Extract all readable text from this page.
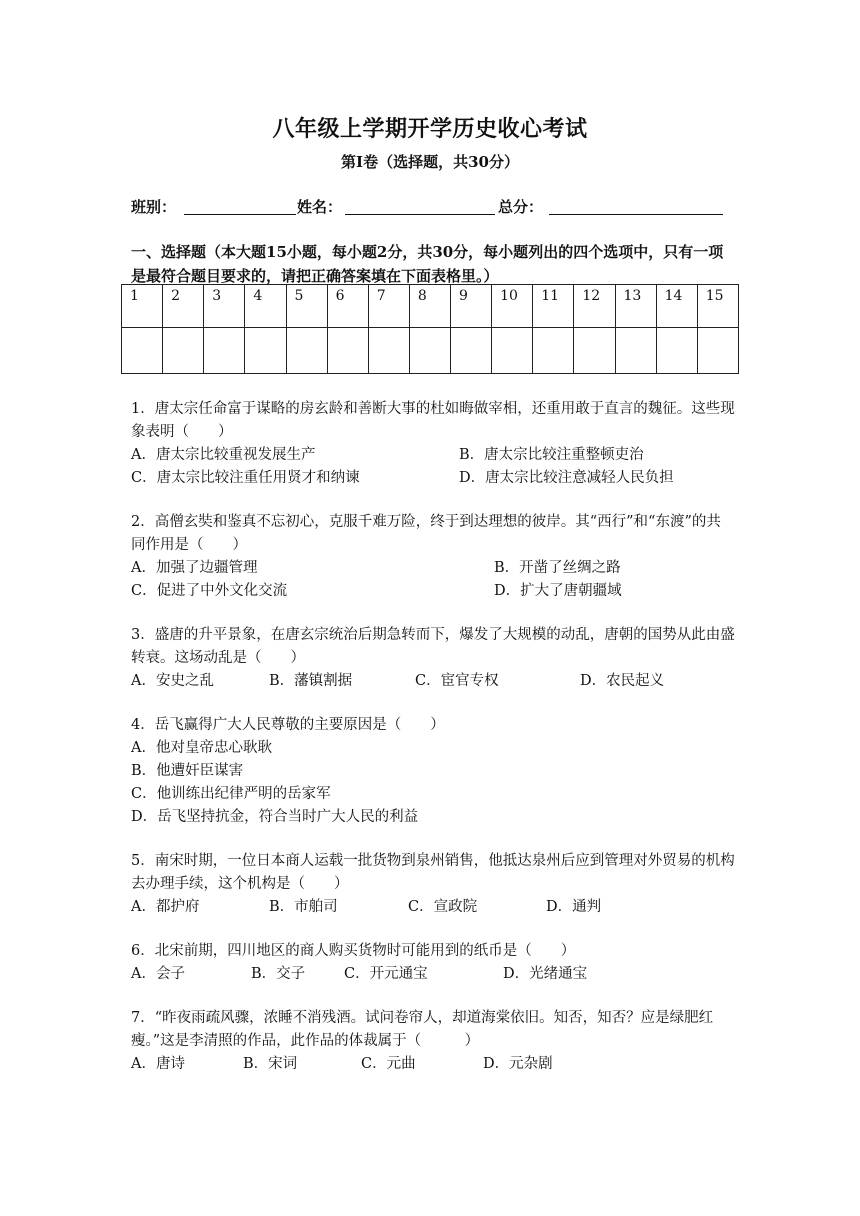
八年级上学期开学历史收心考试
第Ⅰ卷（选择题，共30分）
班别：	姓名：	总分：
一、选择题（本大题15小题，每小题2分，共30分，每小题列出的四个选项中，只有一项是最符合题目要求的，请把正确答案填在下面表格里。）
1	2	3	4	5	6	7	8	9	10	11	12	13	14	15

1．唐太宗任命富于谋略的房玄龄和善断大事的杜如晦做宰相，还重用敢于直言的魏征。这些现象表明（　　）

A．唐太宗比较重视发展生产	B．唐太宗比较注重整顿吏治
C．唐太宗比较注重任用贤才和纳谏	D．唐太宗比较注意减轻人民负担

2．高僧玄奘和鉴真不忘初心，克服千难万险，终于到达理想的彼岸。其“西行”和“东渡”的共同作用是（　　）

A．加强了边疆管理	B．开凿了丝绸之路
C．促进了中外文化交流	D．扩大了唐朝疆域

3．盛唐的升平景象，在唐玄宗统治后期急转而下，爆发了大规模的动乱，唐朝的国势从此由盛转衰。这场动乱是（　　）

A．安史之乱	B．藩镇割据	C．宦官专权	D．农民起义

4．岳飞赢得广大人民尊敬的主要原因是（　　）

A．他对皇帝忠心耿耿

B．他遭奸臣谋害

C．他训练出纪律严明的岳家军

D．岳飞坚持抗金，符合当时广大人民的利益

5．南宋时期，一位日本商人运载一批货物到泉州销售，他抵达泉州后应到管理对外贸易的机构去办理手续，这个机构是（　　）

A．都护府	B．市舶司	C．宣政院	D．通判

6．北宋前期，四川地区的商人购买货物时可能用到的纸币是（　　）

A．会子	B．交子	C．开元通宝	D．光绪通宝

7．“昨夜雨疏风骤，浓睡不消残酒。试问卷帘人，却道海棠依旧。知否，知否？应是绿肥红瘦。”这是李清照的作品，此作品的体裁属于（　　　）

A．唐诗	B．宋词	C．元曲	D．元杂剧
